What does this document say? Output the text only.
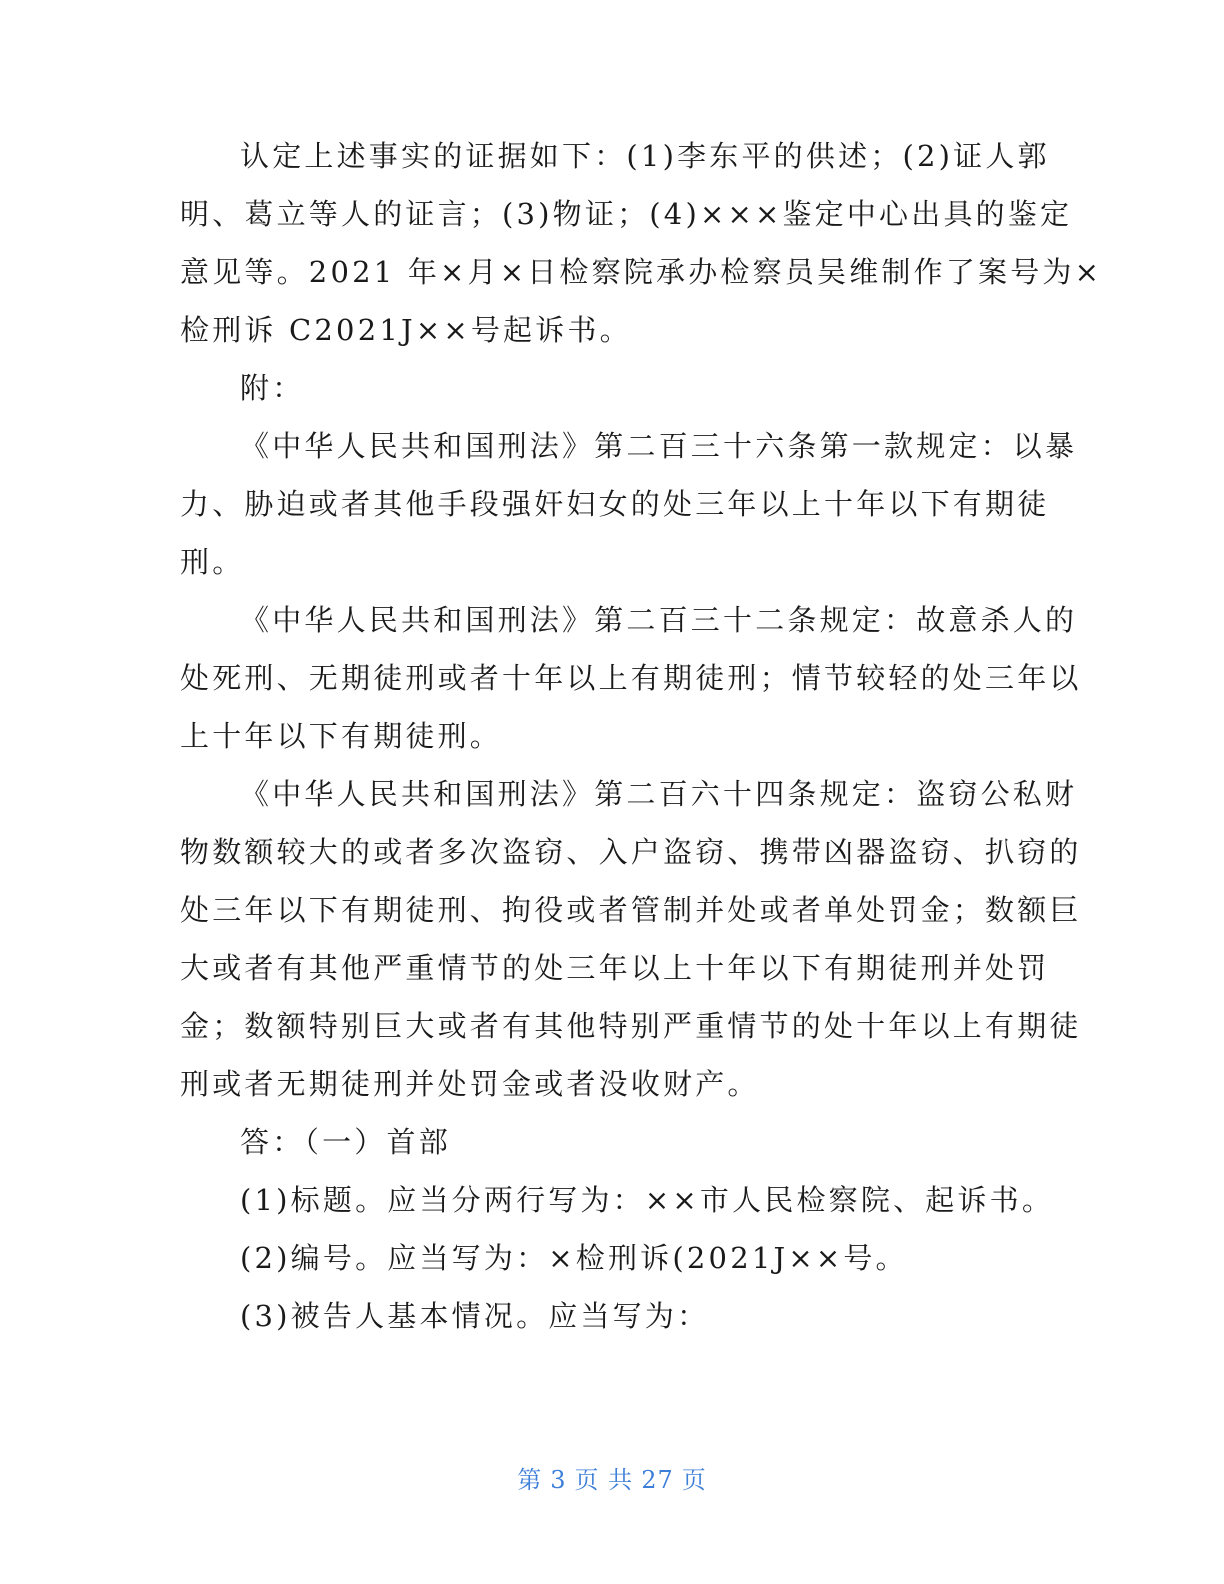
认定上述事实的证据如下：(1)李东平的供述；(2)证人郭
明、葛立等人的证言；(3)物证；(4)×××鉴定中心出具的鉴定
意见等。2021 年×月×日检察院承办检察员吴维制作了案号为×
检刑诉 C2021J××号起诉书。
附：
《中华人民共和国刑法》第二百三十六条第一款规定：以暴
力、胁迫或者其他手段强奸妇女的处三年以上十年以下有期徒
刑。
《中华人民共和国刑法》第二百三十二条规定：故意杀人的
处死刑、无期徒刑或者十年以上有期徒刑；情节较轻的处三年以
上十年以下有期徒刑。
《中华人民共和国刑法》第二百六十四条规定：盗窃公私财
物数额较大的或者多次盗窃、入户盗窃、携带凶器盗窃、扒窃的
处三年以下有期徒刑、拘役或者管制并处或者单处罚金；数额巨
大或者有其他严重情节的处三年以上十年以下有期徒刑并处罚
金；数额特别巨大或者有其他特别严重情节的处十年以上有期徒
刑或者无期徒刑并处罚金或者没收财产。
答：（一）首部
(1)标题。应当分两行写为：××市人民检察院、起诉书。
(2)编号。应当写为：×检刑诉(2021J××号。
(3)被告人基本情况。应当写为：
第 3 页 共 27 页
